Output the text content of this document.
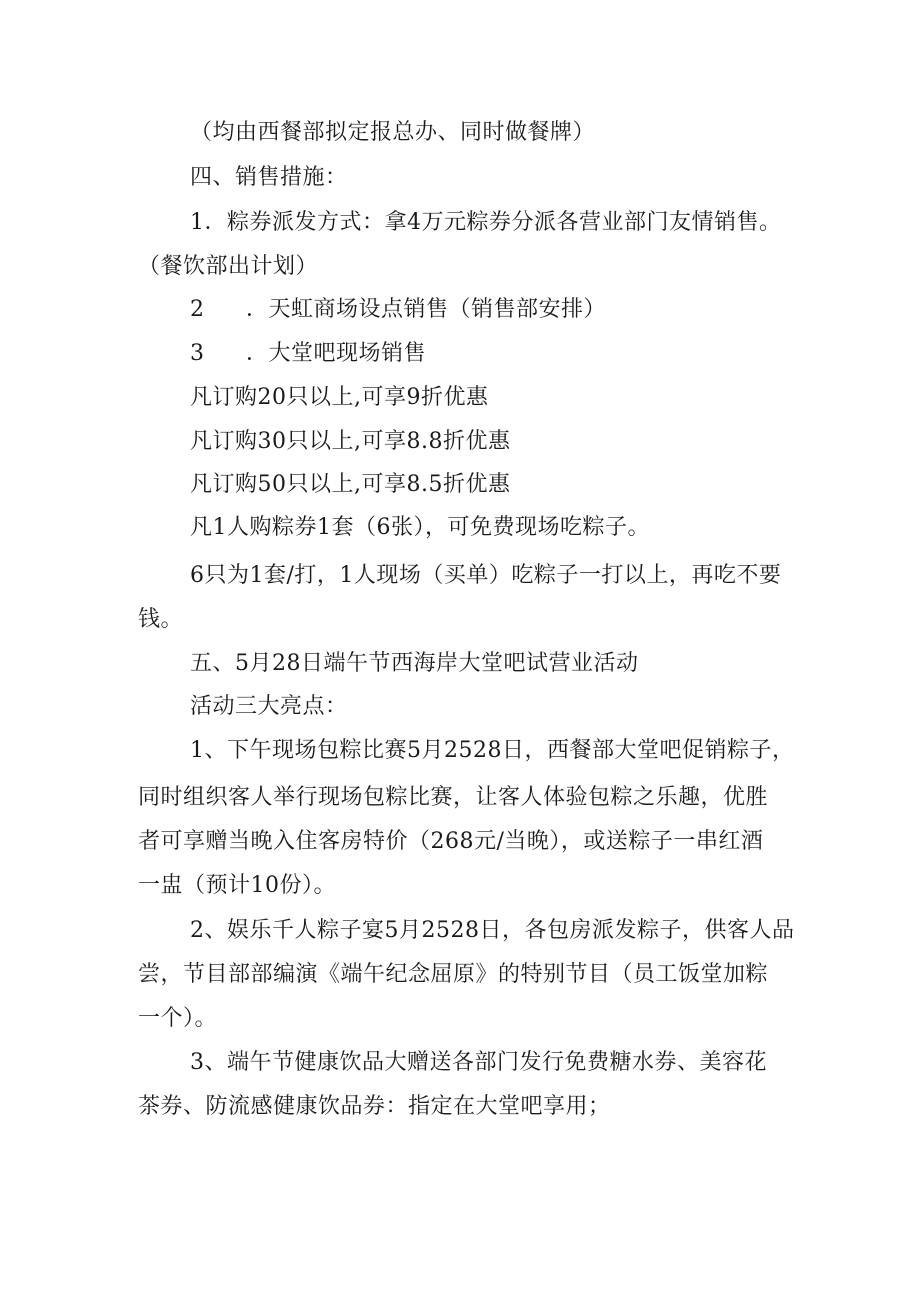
（均由西餐部拟定报总办、同时做餐牌）
四、销售措施：
1．粽券派发方式：拿4万元粽券分派各营业部门友情销售。
（餐饮部出计划）
2 ．天虹商场设点销售（销售部安排）
3 ．大堂吧现场销售
凡订购20只以上,可享9折优惠
凡订购30只以上,可享8.8折优惠
凡订购50只以上,可享8.5折优惠
凡1人购粽券1套（6张），可免费现场吃粽子。
6只为1套/打，1人现场（买单）吃粽子一打以上，再吃不要
钱。
五、5月28日端午节西海岸大堂吧试营业活动
活动三大亮点：
1、下午现场包粽比赛5月2528日，西餐部大堂吧促销粽子，
同时组织客人举行现场包粽比赛，让客人体验包粽之乐趣，优胜
者可享赠当晚入住客房特价（268元/当晚），或送粽子一串红酒
一盅（预计10份）。
2、娱乐千人粽子宴5月2528日，各包房派发粽子，供客人品
尝，节目部部编演《端午纪念屈原》的特别节目（员工饭堂加粽
一个）。
3、端午节健康饮品大赠送各部门发行免费糖水券、美容花
茶券、防流感健康饮品券：指定在大堂吧享用；
